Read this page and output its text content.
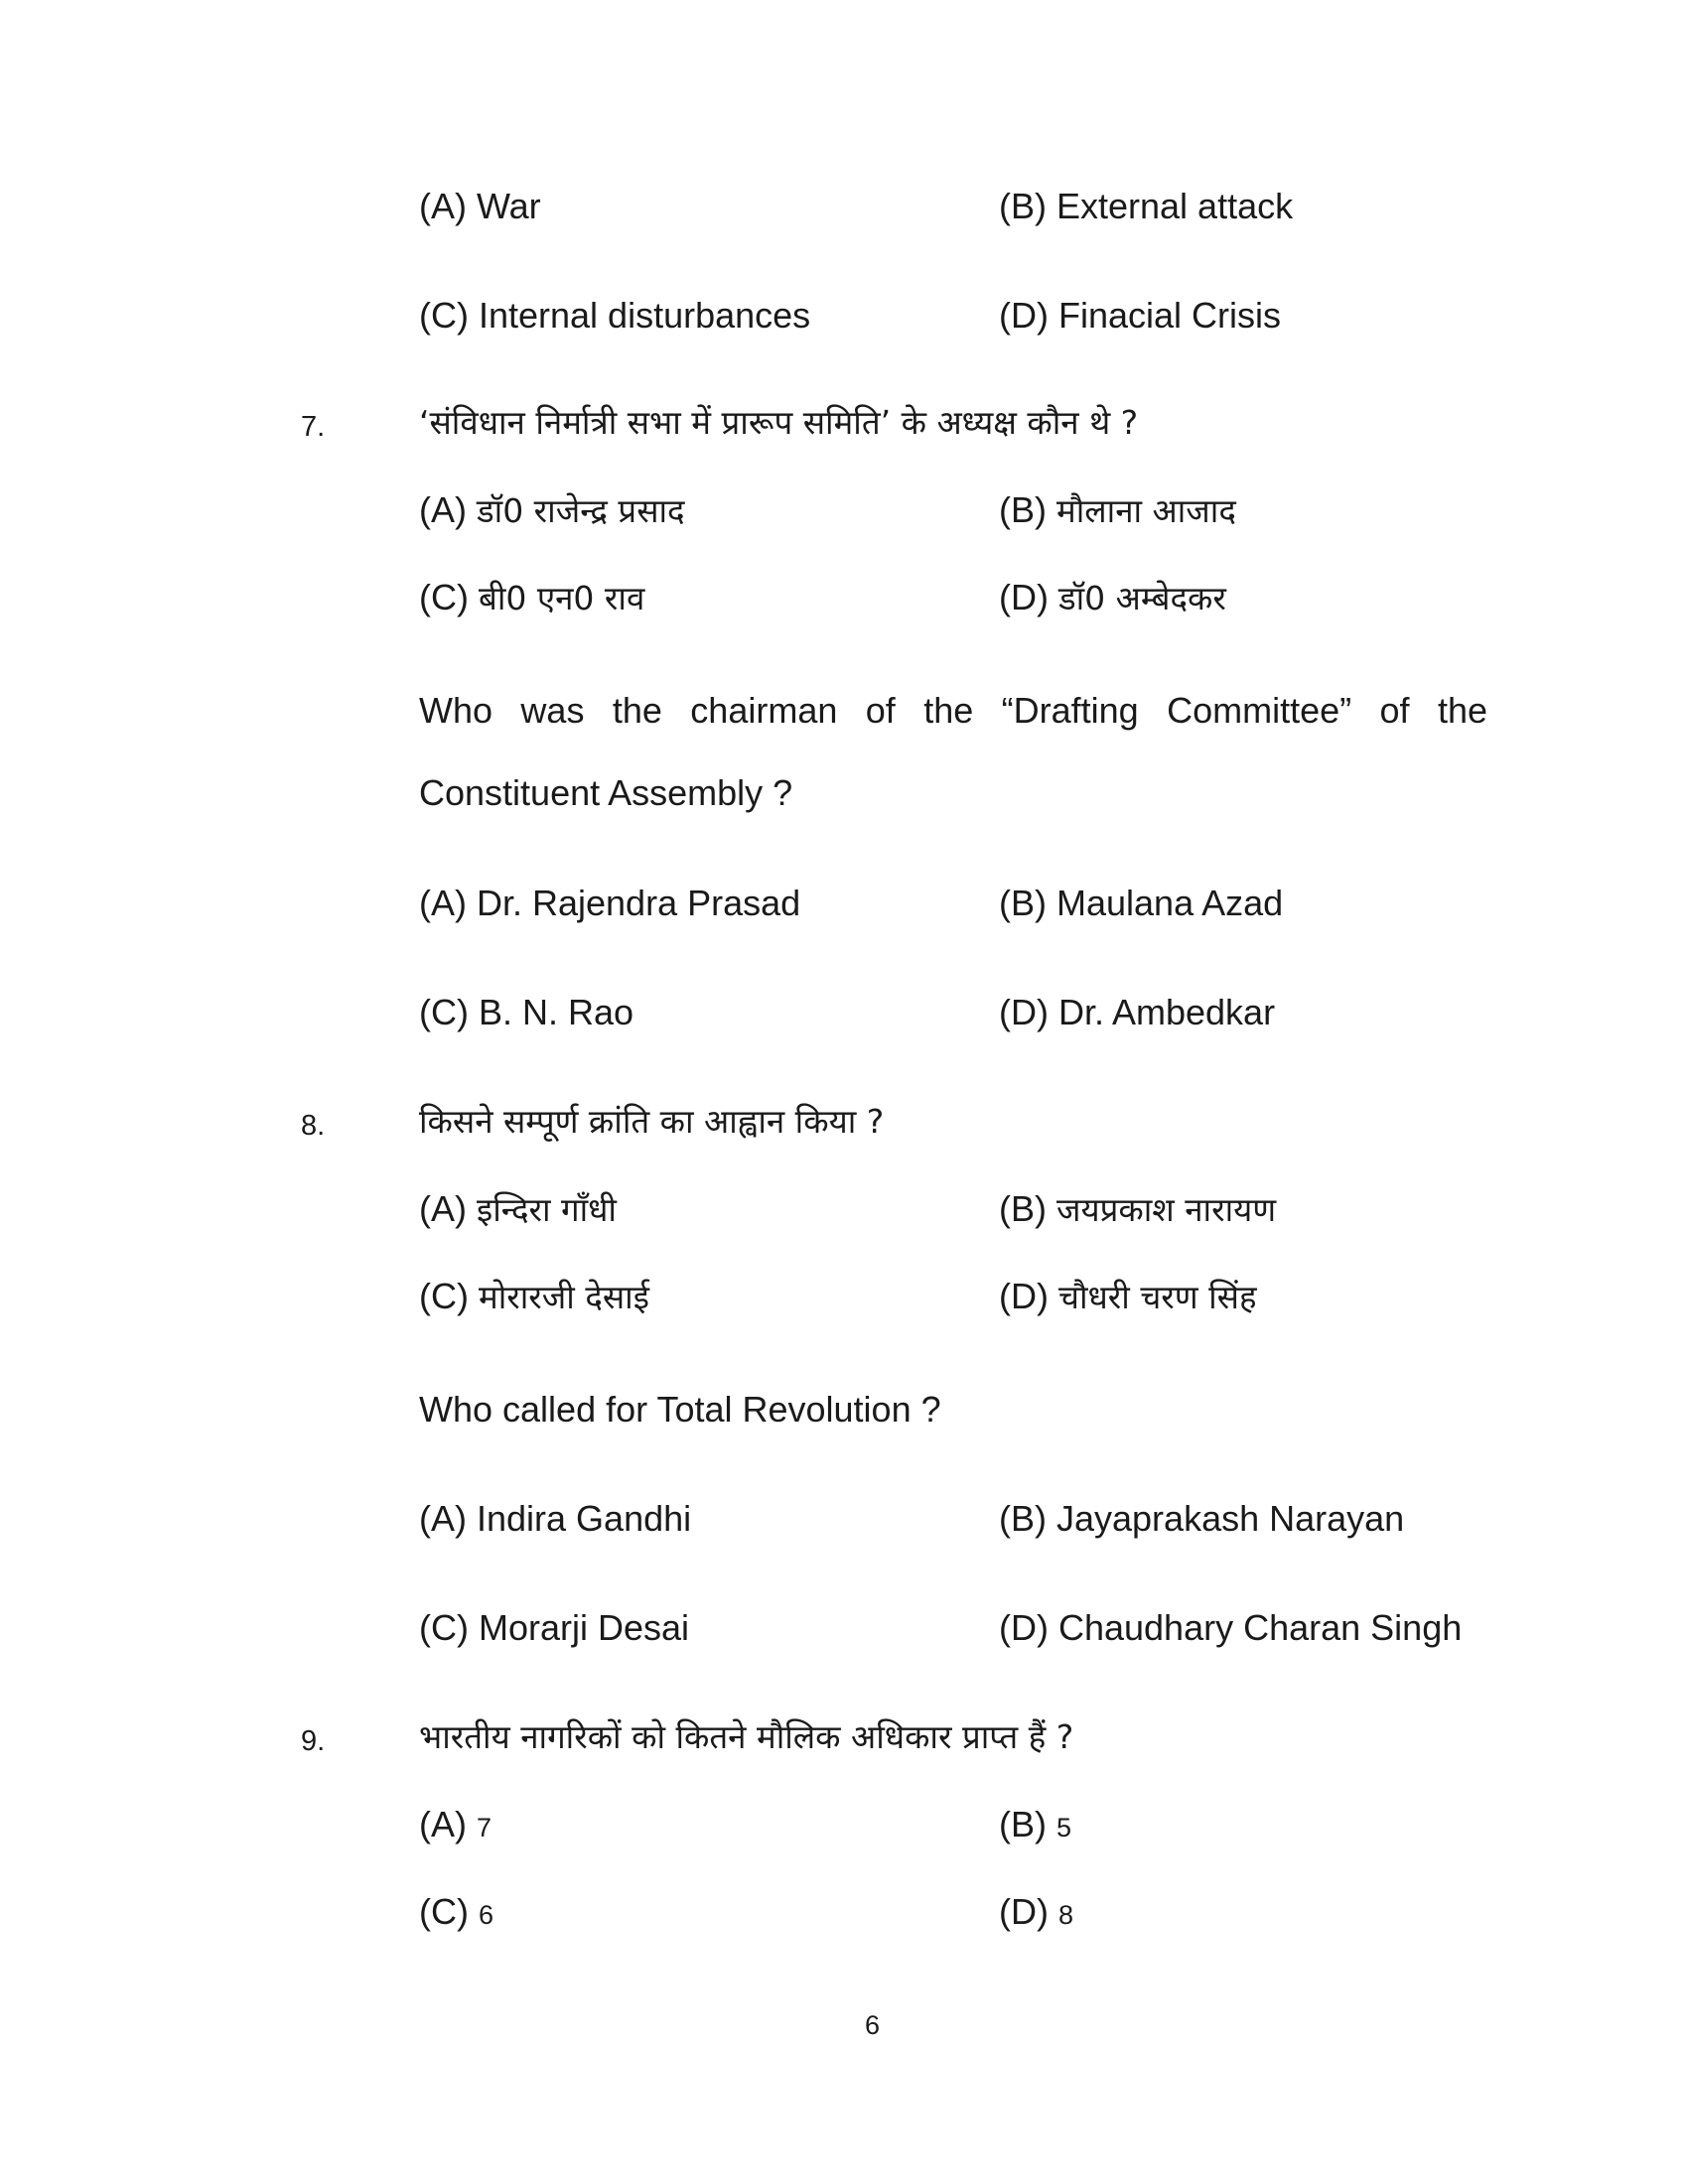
(A) War	(B) External attack
(C) Internal disturbances	(D) Finacial Crisis
7.	‘संविधान निर्मात्री सभा में प्रारूप समिति’ के अध्यक्ष कौन थे ?
(A) डॉ0 राजेन्द्र प्रसाद	(B) मौलाना आजाद
(C) बी0 एन0 राव	(D) डॉ0 अम्बेदकर
Who was the chairman of the “Drafting Committee” of the
Constituent Assembly ?
(A) Dr. Rajendra Prasad	(B) Maulana Azad
(C) B. N. Rao	(D) Dr. Ambedkar
8.	किसने सम्पूर्ण क्रांति का आह्वान किया ?
(A) इन्दिरा गाँधी	(B) जयप्रकाश नारायण
(C) मोरारजी देसाई	(D) चौधरी चरण सिंह
Who called for Total Revolution ?
(A) Indira Gandhi	(B) Jayaprakash Narayan
(C) Morarji Desai	(D) Chaudhary Charan Singh
9.	भारतीय नागरिकों को कितने मौलिक अधिकार प्राप्त हैं ?
(A) 7	(B) 5
(C) 6	(D) 8
6
